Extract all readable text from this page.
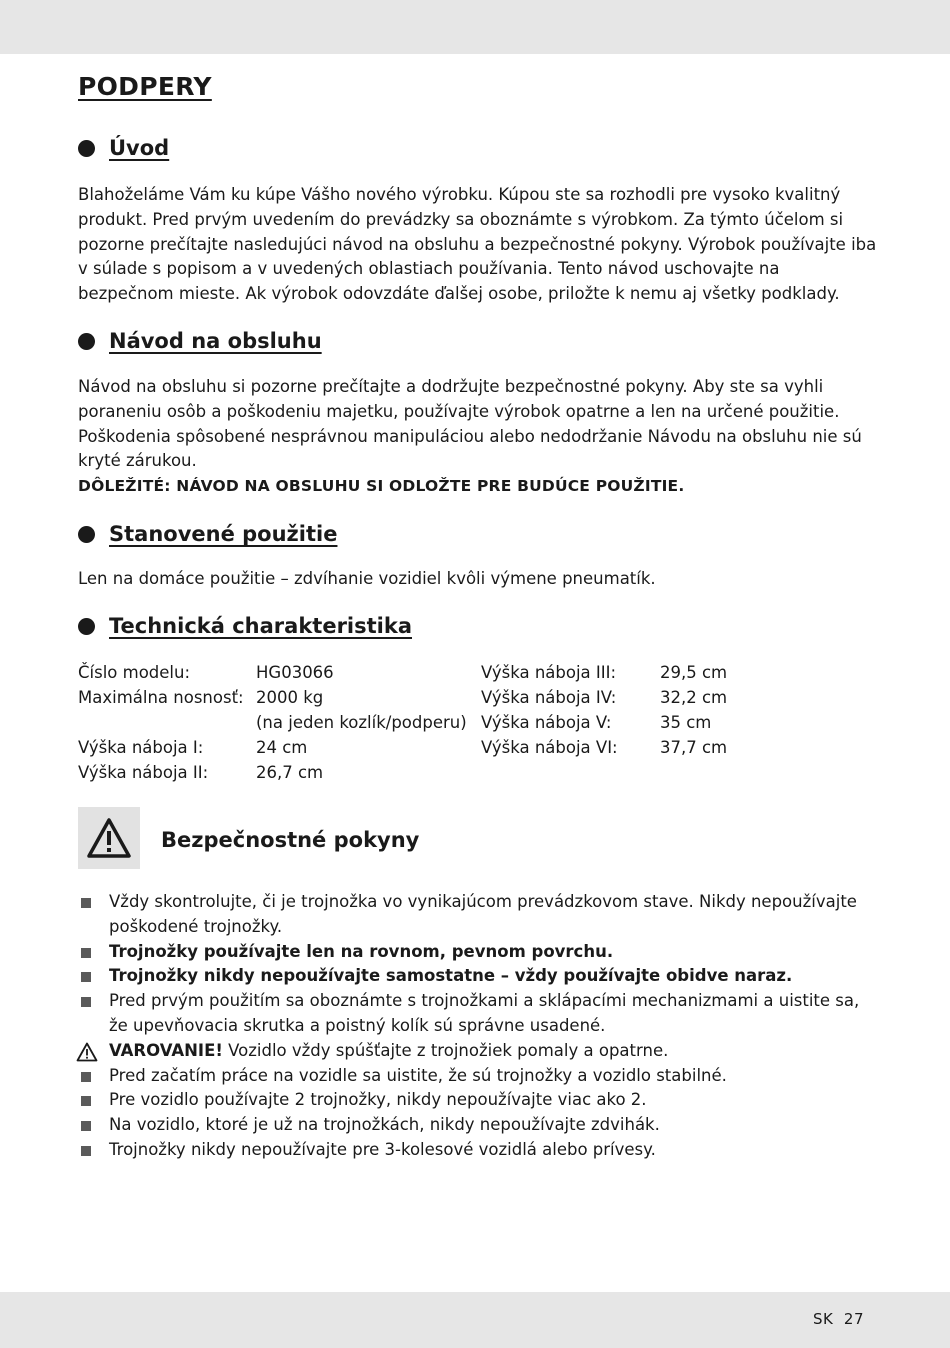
PODPERY
Úvod

Blahoželáme Vám ku kúpe Vášho nového výrobku. Kúpou ste sa rozhodli pre vysoko kvalitný produkt. Pred prvým uvedením do prevádzky sa oboznámte s výrobkom. Za týmto účelom si pozorne prečítajte nasledujúci návod na obsluhu a bezpečnostné pokyny. Výrobok používajte iba v súlade s popisom a v uvedených oblastiach používania. Tento návod uschovajte na bezpečnom mieste. Ak výrobok odovzdáte ďalšej osobe, priložte k nemu aj všetky podklady.

Návod na obsluhu

Návod na obsluhu si pozorne prečítajte a dodržujte bezpečnostné pokyny. Aby ste sa vyhli poraneniu osôb a poškodeniu majetku, používajte výrobok opatrne a len na určené použitie. Poškodenia spôsobené nesprávnou manipuláciou alebo nedodržanie Návodu na obsluhu nie sú kryté zárukou.

DÔLEŽITÉ: NÁVOD NA OBSLUHU SI ODLOŽTE PRE BUDÚCE POUŽITIE.
Stanovené použitie

Len na domáce použitie – zdvíhanie vozidiel kvôli výmene pneumatík.

Technická charakteristika
Číslo modelu:
Maximálna nosnosť:
Výška náboja I:
Výška náboja II:
HG03066
2000 kg
(na jeden kozlík/podperu)
24 cm
26,7 cm
Výška náboja III:
Výška náboja IV:
Výška náboja V:
Výška náboja VI:
29,5 cm
32,2 cm
35 cm
37,7 cm
Bezpečnostné pokyny
Vždy skontrolujte, či je trojnožka vo vynikajúcom prevádzkovom stave. Nikdy nepoužívajte poškodené trojnožky.
Trojnožky používajte len na rovnom, pevnom povrchu.
Trojnožky nikdy nepoužívajte samostatne – vždy používajte obidve naraz.
Pred prvým použitím sa oboznámte s trojnožkami a sklápacími mechanizmami a uistite sa, že upevňovacia skrutka a poistný kolík sú správne usadené.
VAROVANIE! Vozidlo vždy spúšťajte z trojnožiek pomaly a opatrne.
Pred začatím práce na vozidle sa uistite, že sú trojnožky a vozidlo stabilné.
Pre vozidlo používajte 2 trojnožky, nikdy nepoužívajte viac ako 2.
Na vozidlo, ktoré je už na trojnožkách, nikdy nepoužívajte zdvihák.
Trojnožky nikdy nepoužívajte pre 3-kolesové vozidlá alebo prívesy.
SK 27
